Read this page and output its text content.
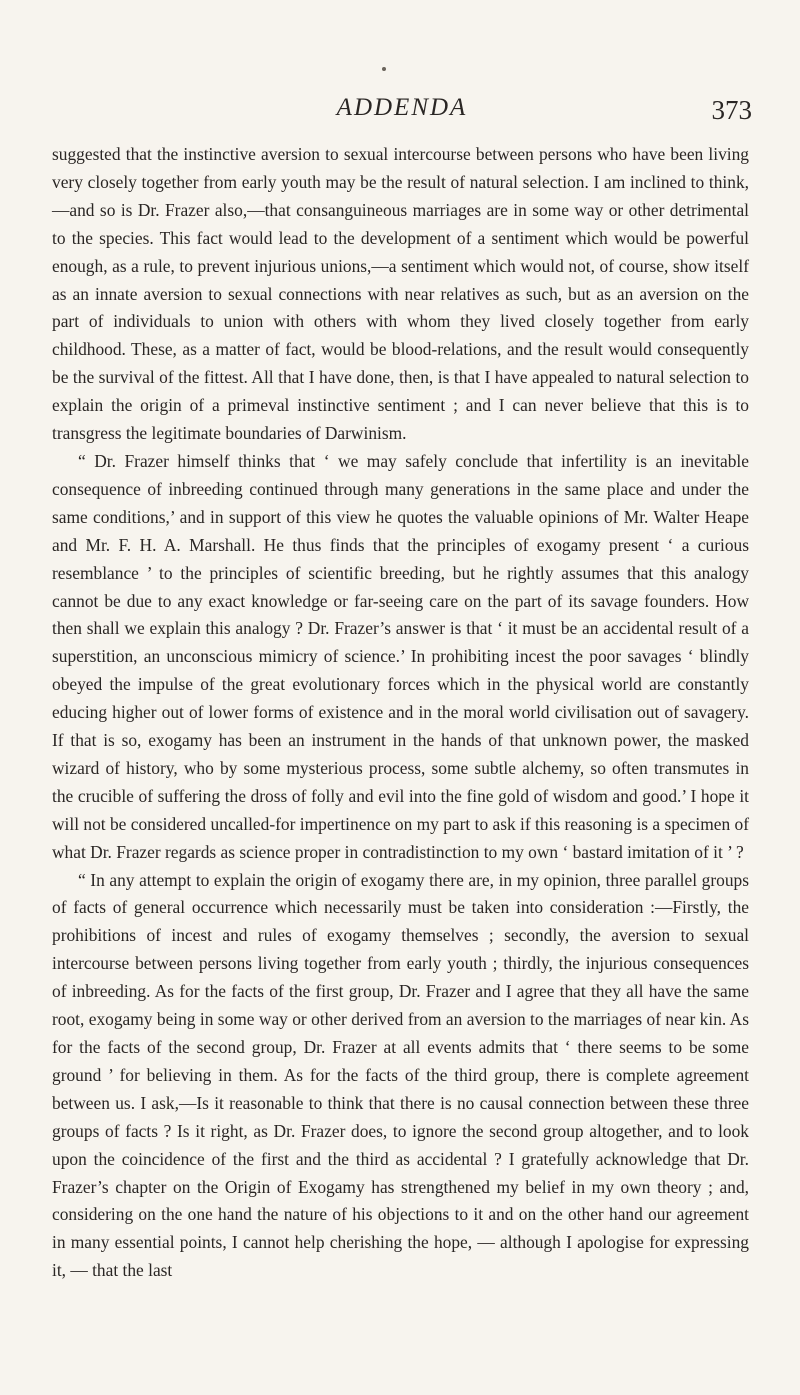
ADDENDA	373

suggested that the instinctive aversion to sexual intercourse between persons who have been living very closely together from early youth may be the result of natural selection. I am inclined to think,—and so is Dr. Frazer also,—that consanguineous marriages are in some way or other detrimental to the species. This fact would lead to the development of a sentiment which would be powerful enough, as a rule, to prevent injurious unions,—a sentiment which would not, of course, show itself as an innate aversion to sexual connections with near relatives as such, but as an aversion on the part of individuals to union with others with whom they lived closely together from early childhood. These, as a matter of fact, would be blood-relations, and the result would consequently be the survival of the fittest. All that I have done, then, is that I have appealed to natural selection to explain the origin of a primeval instinctive sentiment ; and I can never believe that this is to transgress the legitimate boundaries of Darwinism.

“ Dr. Frazer himself thinks that ‘ we may safely conclude that infertility is an inevitable consequence of inbreeding continued through many generations in the same place and under the same conditions,’ and in support of this view he quotes the valuable opinions of Mr. Walter Heape and Mr. F. H. A. Marshall. He thus finds that the principles of exogamy present ‘ a curious resemblance ’ to the principles of scientific breeding, but he rightly assumes that this analogy cannot be due to any exact knowledge or far-seeing care on the part of its savage founders. How then shall we explain this analogy ? Dr. Frazer’s answer is that ‘ it must be an accidental result of a superstition, an unconscious mimicry of science.’ In prohibiting incest the poor savages ‘ blindly obeyed the impulse of the great evolutionary forces which in the physical world are constantly educing higher out of lower forms of existence and in the moral world civilisation out of savagery. If that is so, exogamy has been an instrument in the hands of that unknown power, the masked wizard of history, who by some mysterious process, some subtle alchemy, so often transmutes in the crucible of suffering the dross of folly and evil into the fine gold of wisdom and good.’ I hope it will not be considered uncalled-for impertinence on my part to ask if this reasoning is a specimen of what Dr. Frazer regards as science proper in contradistinction to my own ‘ bastard imitation of it ’ ?

“ In any attempt to explain the origin of exogamy there are, in my opinion, three parallel groups of facts of general occurrence which necessarily must be taken into consideration :—Firstly, the prohibitions of incest and rules of exogamy themselves ; secondly, the aversion to sexual intercourse between persons living together from early youth ; thirdly, the injurious consequences of inbreeding. As for the facts of the first group, Dr. Frazer and I agree that they all have the same root, exogamy being in some way or other derived from an aversion to the marriages of near kin. As for the facts of the second group, Dr. Frazer at all events admits that ‘ there seems to be some ground ’ for believing in them. As for the facts of the third group, there is complete agreement between us. I ask,—Is it reasonable to think that there is no causal connection between these three groups of facts ? Is it right, as Dr. Frazer does, to ignore the second group altogether, and to look upon the coincidence of the first and the third as accidental ? I gratefully acknowledge that Dr. Frazer’s chapter on the Origin of Exogamy has strengthened my belief in my own theory ; and, considering on the one hand the nature of his objections to it and on the other hand our agreement in many essential points, I cannot help cherishing the hope, — although I apologise for expressing it, — that the last
